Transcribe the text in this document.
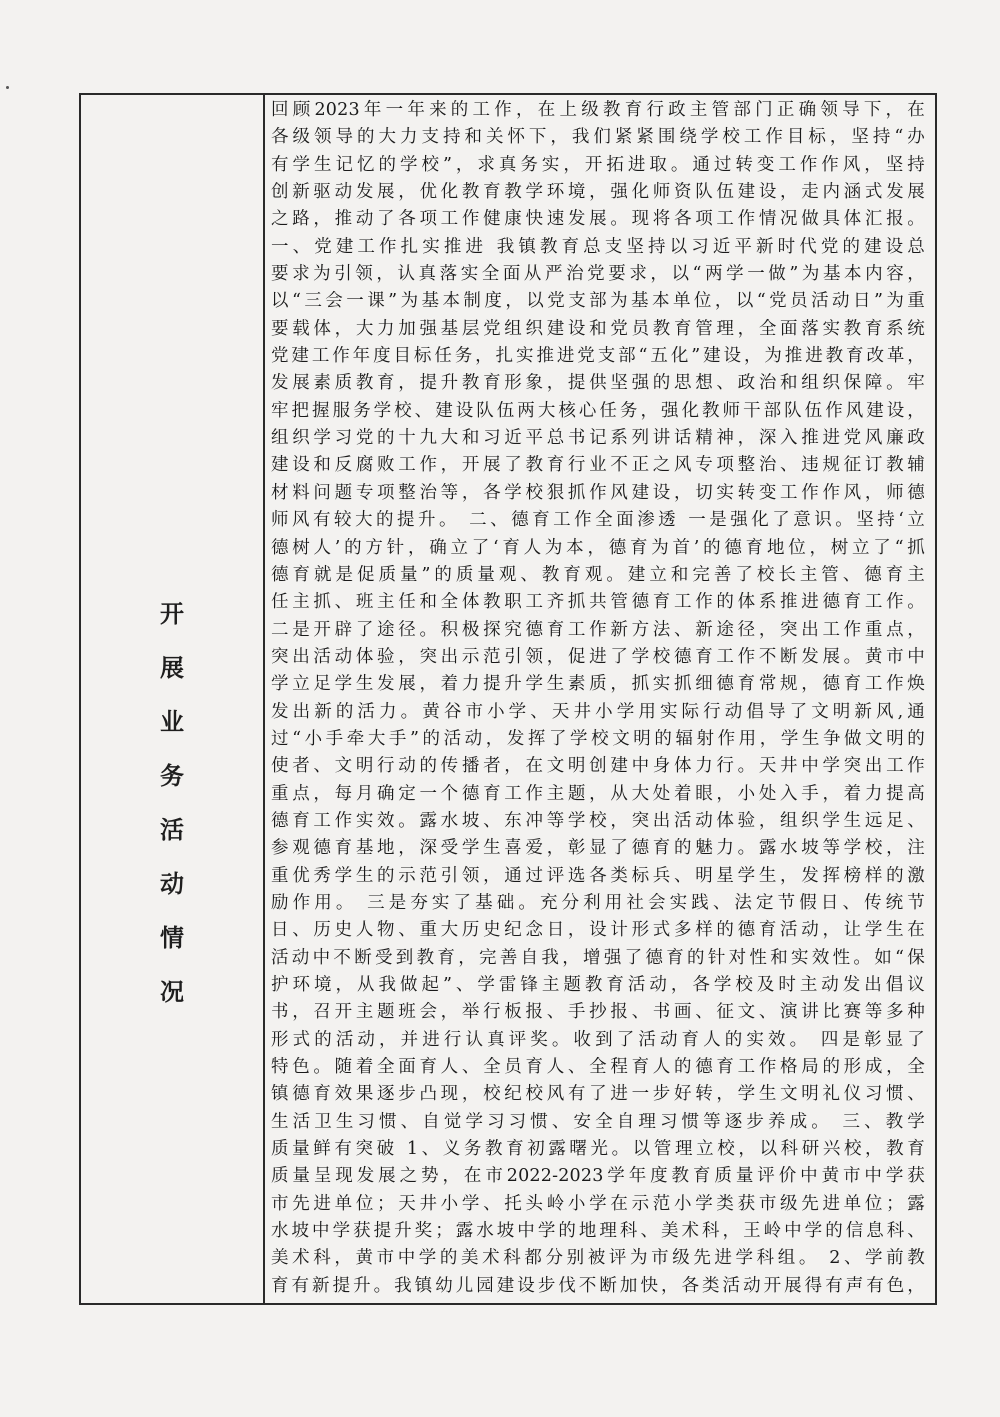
开
展
业
务
活
动
情
况
回顾2023年一年来的工作，在上级教育行政主管部门正确领导下，在
各级领导的大力支持和关怀下，我们紧紧围绕学校工作目标，坚持“办
有学生记忆的学校”，求真务实，开拓进取。通过转变工作作风，坚持
创新驱动发展，优化教育教学环境，强化师资队伍建设，走内涵式发展
之路，推动了各项工作健康快速发展。现将各项工作情况做具体汇报。
一、党建工作扎实推进 我镇教育总支坚持以习近平新时代党的建设总
要求为引领，认真落实全面从严治党要求，以“两学一做”为基本内容，
以“三会一课”为基本制度，以党支部为基本单位，以“党员活动日”为重
要载体，大力加强基层党组织建设和党员教育管理，全面落实教育系统
党建工作年度目标任务，扎实推进党支部“五化”建设，为推进教育改革，
发展素质教育，提升教育形象，提供坚强的思想、政治和组织保障。牢
牢把握服务学校、建设队伍两大核心任务，强化教师干部队伍作风建设，
组织学习党的十九大和习近平总书记系列讲话精神，深入推进党风廉政
建设和反腐败工作，开展了教育行业不正之风专项整治、违规征订教辅
材料问题专项整治等，各学校狠抓作风建设，切实转变工作作风，师德
师风有较大的提升。 二、德育工作全面渗透 一是强化了意识。坚持‘立
德树人’的方针，确立了‘育人为本，德育为首’的德育地位，树立了“抓
德育就是促质量”的质量观、教育观。建立和完善了校长主管、德育主
任主抓、班主任和全体教职工齐抓共管德育工作的体系推进德育工作。
二是开辟了途径。积极探究德育工作新方法、新途径，突出工作重点，
突出活动体验，突出示范引领，促进了学校德育工作不断发展。黄市中
学立足学生发展，着力提升学生素质，抓实抓细德育常规，德育工作焕
发出新的活力。黄谷市小学、天井小学用实际行动倡导了文明新风,通
过“小手牵大手”的活动，发挥了学校文明的辐射作用，学生争做文明的
使者、文明行动的传播者，在文明创建中身体力行。天井中学突出工作
重点，每月确定一个德育工作主题，从大处着眼，小处入手，着力提高
德育工作实效。露水坡、东冲等学校，突出活动体验，组织学生远足、
参观德育基地，深受学生喜爱，彰显了德育的魅力。露水坡等学校，注
重优秀学生的示范引领，通过评选各类标兵、明星学生，发挥榜样的激
励作用。 三是夯实了基础。充分利用社会实践、法定节假日、传统节
日、历史人物、重大历史纪念日，设计形式多样的德育活动，让学生在
活动中不断受到教育，完善自我，增强了德育的针对性和实效性。如“保
护环境，从我做起”、学雷锋主题教育活动，各学校及时主动发出倡议
书，召开主题班会，举行板报、手抄报、书画、征文、演讲比赛等多种
形式的活动，并进行认真评奖。收到了活动育人的实效。 四是彰显了
特色。随着全面育人、全员育人、全程育人的德育工作格局的形成，全
镇德育效果逐步凸现，校纪校风有了进一步好转，学生文明礼仪习惯、
生活卫生习惯、自觉学习习惯、安全自理习惯等逐步养成。 三、教学
质量鲜有突破 1、义务教育初露曙光。以管理立校，以科研兴校，教育
质量呈现发展之势，在市2022-2023学年度教育质量评价中黄市中学获
市先进单位；天井小学、托头岭小学在示范小学类获市级先进单位；露
水坡中学获提升奖；露水坡中学的地理科、美术科，王岭中学的信息科、
美术科，黄市中学的美术科都分别被评为市级先进学科组。 2、学前教
育有新提升。我镇幼儿园建设步伐不断加快，各类活动开展得有声有色，
